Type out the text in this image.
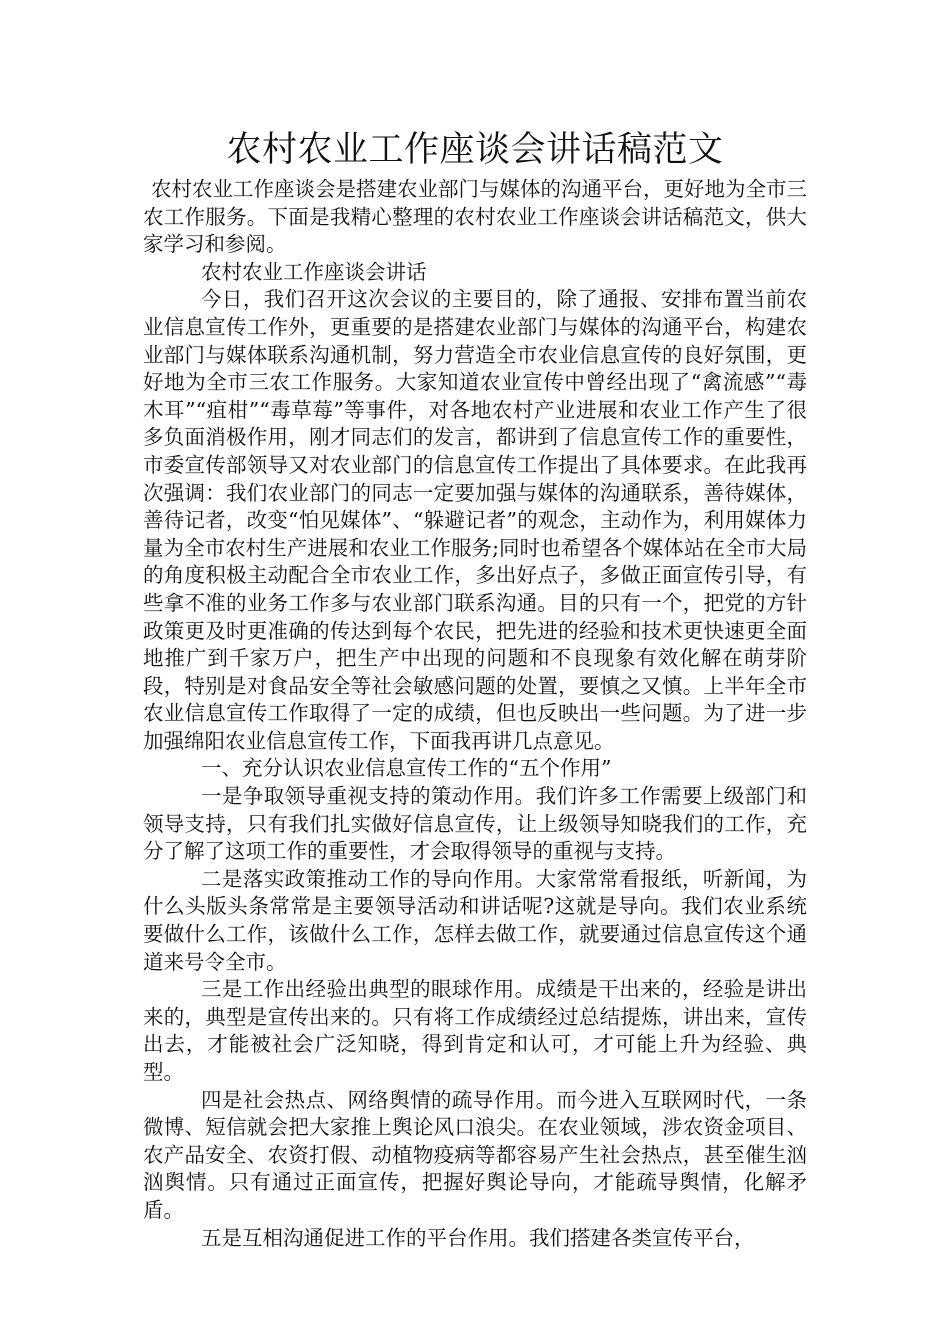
农村农业工作座谈会讲话稿范文

农村农业工作座谈会是搭建农业部门与媒体的沟通平台，更好地为全市三农工作服务。下面是我精心整理的农村农业工作座谈会讲话稿范文，供大家学习和参阅。

农村农业工作座谈会讲话

今日，我们召开这次会议的主要目的，除了通报、安排布置当前农业信息宣传工作外，更重要的是搭建农业部门与媒体的沟通平台，构建农业部门与媒体联系沟通机制，努力营造全市农业信息宣传的良好氛围，更好地为全市三农工作服务。大家知道农业宣传中曾经出现了“禽流感”“毒木耳”“疽柑”“毒草莓”等事件，对各地农村产业进展和农业工作产生了很多负面消极作用，刚才同志们的发言，都讲到了信息宣传工作的重要性，市委宣传部领导又对农业部门的信息宣传工作提出了具体要求。在此我再次强调：我们农业部门的同志一定要加强与媒体的沟通联系，善待媒体，善待记者，改变“怕见媒体”、“躲避记者”的观念，主动作为，利用媒体力量为全市农村生产进展和农业工作服务;同时也希望各个媒体站在全市大局的角度积极主动配合全市农业工作，多出好点子，多做正面宣传引导，有些拿不准的业务工作多与农业部门联系沟通。目的只有一个，把党的方针政策更及时更准确的传达到每个农民，把先进的经验和技术更快速更全面地推广到千家万户，把生产中出现的问题和不良现象有效化解在萌芽阶段，特别是对食品安全等社会敏感问题的处置，要慎之又慎。上半年全市农业信息宣传工作取得了一定的成绩，但也反映出一些问题。为了进一步加强绵阳农业信息宣传工作，下面我再讲几点意见。

一、充分认识农业信息宣传工作的“五个作用”

一是争取领导重视支持的策动作用。我们许多工作需要上级部门和领导支持，只有我们扎实做好信息宣传，让上级领导知晓我们的工作，充分了解了这项工作的重要性，才会取得领导的重视与支持。

二是落实政策推动工作的导向作用。大家常常看报纸，听新闻，为什么头版头条常常是主要领导活动和讲话呢?这就是导向。我们农业系统要做什么工作，该做什么工作，怎样去做工作，就要通过信息宣传这个通道来号令全市。

三是工作出经验出典型的眼球作用。成绩是干出来的，经验是讲出来的，典型是宣传出来的。只有将工作成绩经过总结提炼，讲出来，宣传出去，才能被社会广泛知晓，得到肯定和认可，才可能上升为经验、典型。

四是社会热点、网络舆情的疏导作用。而今进入互联网时代，一条微博、短信就会把大家推上舆论风口浪尖。在农业领域，涉农资金项目、农产品安全、农资打假、动植物疫病等都容易产生社会热点，甚至催生汹汹舆情。只有通过正面宣传，把握好舆论导向，才能疏导舆情，化解矛盾。

五是互相沟通促进工作的平台作用。我们搭建各类宣传平台，
